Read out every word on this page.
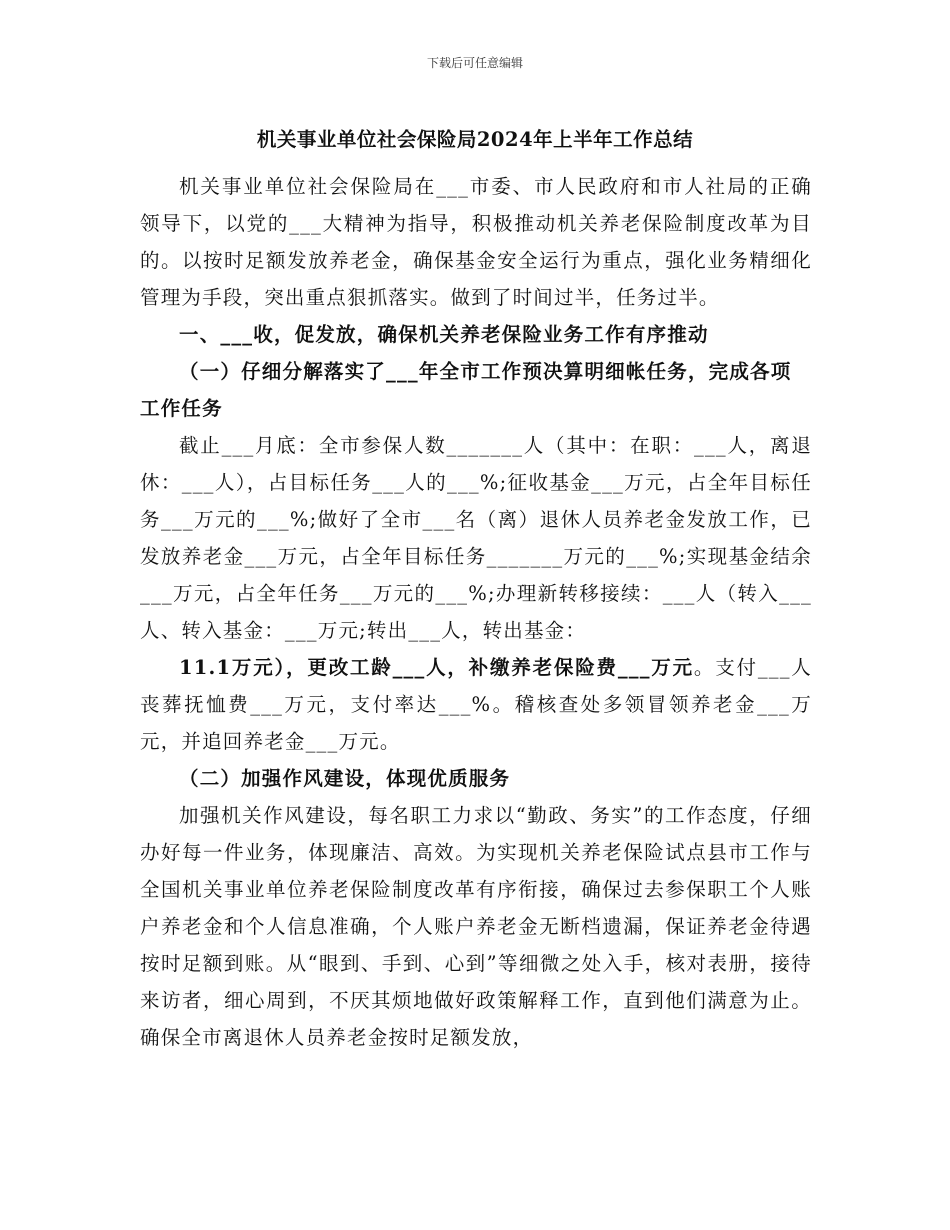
下载后可任意编辑
机关事业单位社会保险局2024年上半年工作总结

机关事业单位社会保险局在___市委、市人民政府和市人社局的正确领导下，以党的___大精神为指导，积极推动机关养老保险制度改革为目的。以按时足额发放养老金，确保基金安全运行为重点，强化业务精细化管理为手段，突出重点狠抓落实。做到了时间过半，任务过半。

一、___收，促发放，确保机关养老保险业务工作有序推动

（一）仔细分解落实了___年全市工作预决算明细帐任务，完成各项工作任务

截止___月底：全市参保人数_______人（其中：在职：___人，离退休：___人），占目标任务___人的___%;征收基金___万元，占全年目标任务___万元的___%;做好了全市___名（离）退休人员养老金发放工作，已发放养老金___万元，占全年目标任务_______万元的___%;实现基金结余___万元，占全年任务___万元的___%;办理新转移接续：___人（转入___人、转入基金：___万元;转出___人，转出基金：

11.1万元），更改工龄___人，补缴养老保险费___万元。支付___人丧葬抚恤费___万元，支付率达___%。稽核查处多领冒领养老金___万元，并追回养老金___万元。

（二）加强作风建设，体现优质服务

加强机关作风建设，每名职工力求以“勤政、务实”的工作态度，仔细办好每一件业务，体现廉洁、高效。为实现机关养老保险试点县市工作与全国机关事业单位养老保险制度改革有序衔接，确保过去参保职工个人账户养老金和个人信息准确，个人账户养老金无断档遗漏，保证养老金待遇按时足额到账。从“眼到、手到、心到”等细微之处入手，核对表册，接待来访者，细心周到，不厌其烦地做好政策解释工作，直到他们满意为止。确保全市离退休人员养老金按时足额发放，
